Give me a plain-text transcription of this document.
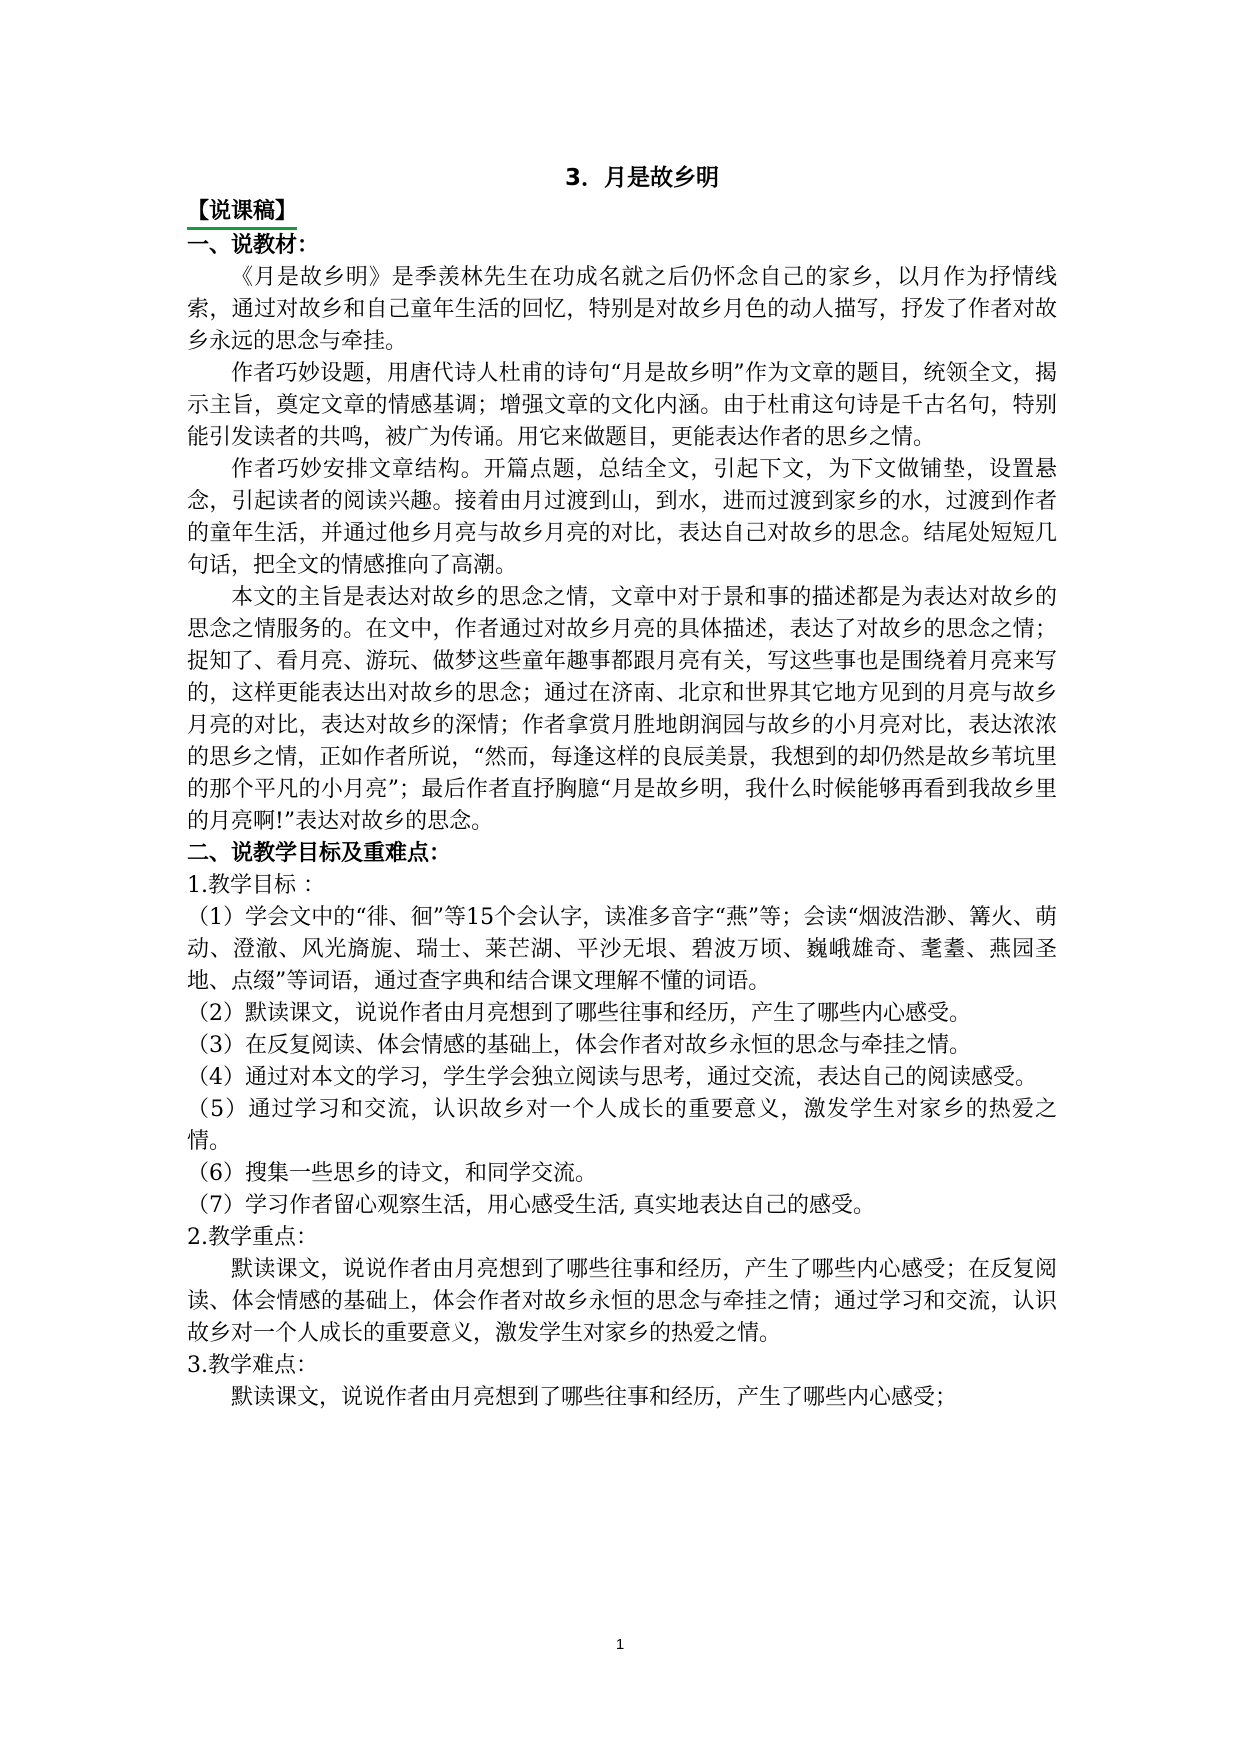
3．月是故乡明
【说课稿】
一、说教材：

《月是故乡明》是季羡林先生在功成名就之后仍怀念自己的家乡，以月作为抒情线索，通过对故乡和自己童年生活的回忆，特别是对故乡月色的动人描写，抒发了作者对故乡永远的思念与牵挂。

作者巧妙设题，用唐代诗人杜甫的诗句“月是故乡明”作为文章的题目，统领全文，揭示主旨，奠定文章的情感基调；增强文章的文化内涵。由于杜甫这句诗是千古名句，特别能引发读者的共鸣，被广为传诵。用它来做题目，更能表达作者的思乡之情。

作者巧妙安排文章结构。开篇点题，总结全文，引起下文，为下文做铺垫，设置悬念，引起读者的阅读兴趣。接着由月过渡到山，到水，进而过渡到家乡的水，过渡到作者的童年生活，并通过他乡月亮与故乡月亮的对比，表达自己对故乡的思念。结尾处短短几句话，把全文的情感推向了高潮。

本文的主旨是表达对故乡的思念之情，文章中对于景和事的描述都是为表达对故乡的思念之情服务的。在文中，作者通过对故乡月亮的具体描述，表达了对故乡的思念之情；捉知了、看月亮、游玩、做梦这些童年趣事都跟月亮有关，写这些事也是围绕着月亮来写的，这样更能表达出对故乡的思念；通过在济南、北京和世界其它地方见到的月亮与故乡月亮的对比，表达对故乡的深情；作者拿赏月胜地朗润园与故乡的小月亮对比，表达浓浓的思乡之情，正如作者所说，“然而，每逢这样的良辰美景，我想到的却仍然是故乡苇坑里的那个平凡的小月亮”；最后作者直抒胸臆“月是故乡明，我什么时候能够再看到我故乡里的月亮啊!”表达对故乡的思念。

二、说教学目标及重难点：

1.教学目标 ：

（1）学会文中的“徘、徊”等15个会认字，读准多音字“燕”等；会读“烟波浩渺、篝火、萌动、澄澈、风光旖旎、瑞士、莱芒湖、平沙无垠、碧波万顷、巍峨雄奇、耄耋、燕园圣地、点缀”等词语，通过查字典和结合课文理解不懂的词语。

（2）默读课文，说说作者由月亮想到了哪些往事和经历，产生了哪些内心感受。

（3）在反复阅读、体会情感的基础上，体会作者对故乡永恒的思念与牵挂之情。

（4）通过对本文的学习，学生学会独立阅读与思考，通过交流，表达自己的阅读感受。

（5）通过学习和交流，认识故乡对一个人成长的重要意义，激发学生对家乡的热爱之情。

（6）搜集一些思乡的诗文，和同学交流。

（7）学习作者留心观察生活，用心感受生活, 真实地表达自己的感受。

2.教学重点：

默读课文，说说作者由月亮想到了哪些往事和经历，产生了哪些内心感受；在反复阅读、体会情感的基础上，体会作者对故乡永恒的思念与牵挂之情；通过学习和交流，认识故乡对一个人成长的重要意义，激发学生对家乡的热爱之情。

3.教学难点：

默读课文，说说作者由月亮想到了哪些往事和经历，产生了哪些内心感受；

1
